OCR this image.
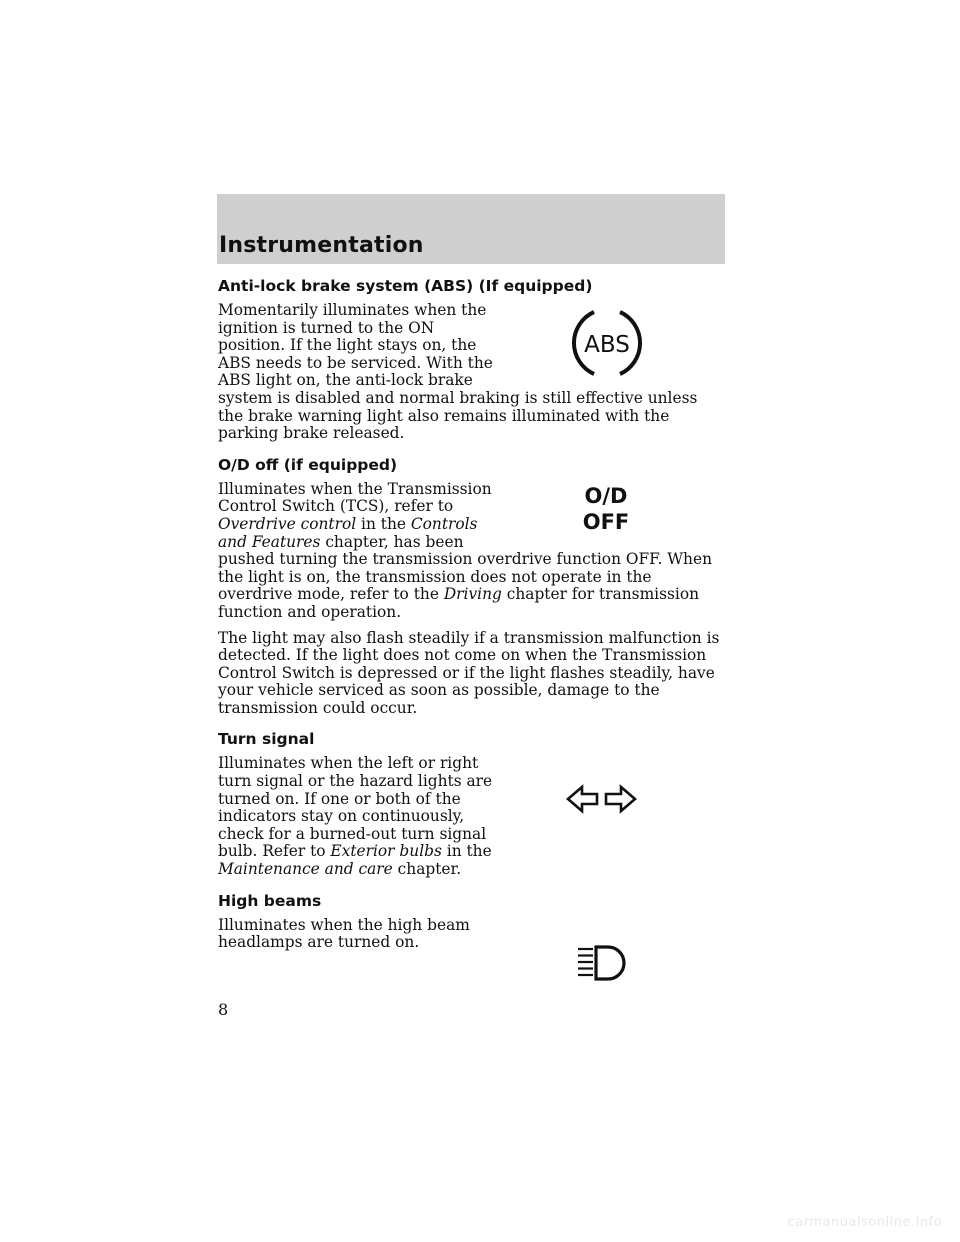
Instrumentation
Anti-lock brake system (ABS) (If equipped)
ABS

Momentarily illuminates when the ignition is turned to the ON position. If the light stays on, the ABS needs to be serviced. With the ABS light on, the anti-lock brake system is disabled and normal braking is still effective unless the brake warning light also remains illuminated with the parking brake released.

O/D off (if equipped)
O/D
OFF

Illuminates when the Transmission Control Switch (TCS), refer to Overdrive control in the Controls and Features chapter, has been pushed turning the transmission overdrive function OFF. When the light is on, the transmission does not operate in the overdrive mode, refer to the Driving chapter for transmission function and operation.

The light may also flash steadily if a transmission malfunction is detected. If the light does not come on when the Transmission Control Switch is depressed or if the light flashes steadily, have your vehicle serviced as soon as possible, damage to the transmission could occur.

Turn signal

Illuminates when the left or right turn signal or the hazard lights are turned on. If one or both of the indicators stay on continuously, check for a burned-out turn signal bulb. Refer to Exterior bulbs in the Maintenance and care chapter.

High beams

Illuminates when the high beam headlamps are turned on.

8
carmanualsonline.info
